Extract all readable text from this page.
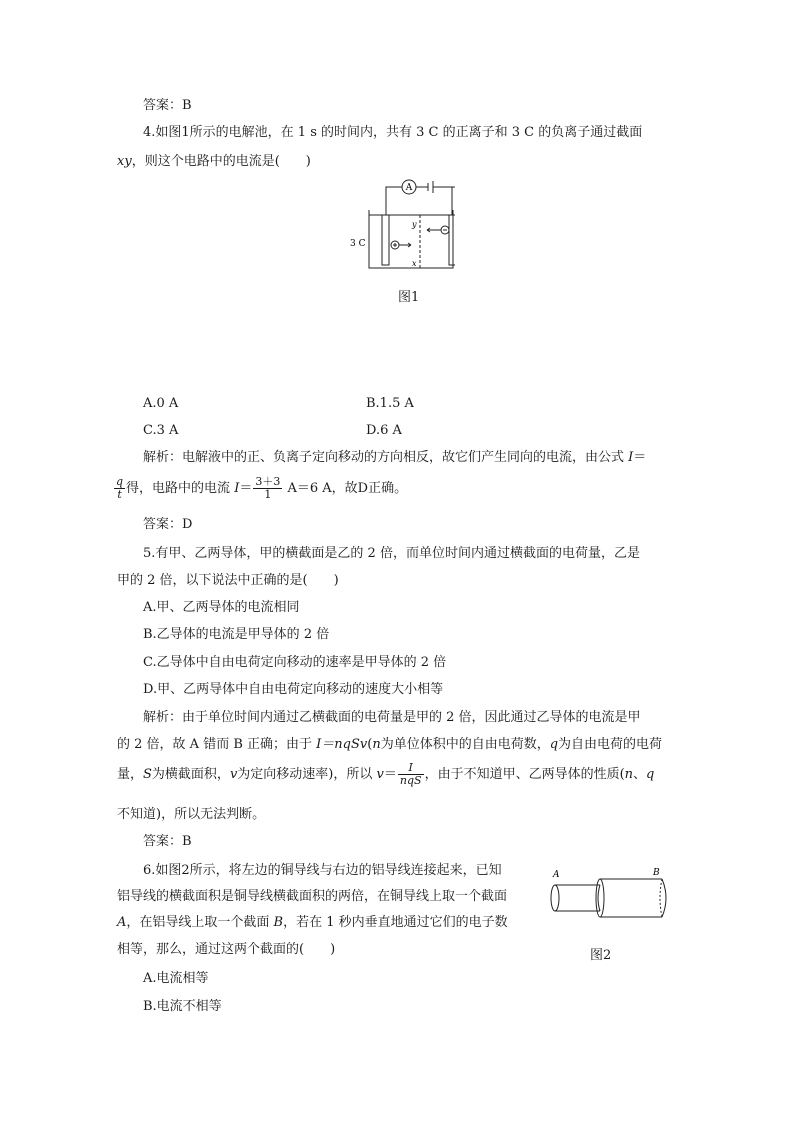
答案：B
4.如图1所示的电解池，在 1 s 的时间内，共有 3 C 的正离子和 3 C 的负离子通过截面
xy，则这个电路中的电流是(　　)
A
3 C
y
x
图1
A.0 A	B.1.5 A
C.3 A	D.6 A
解析：电解液中的正、负离子定向移动的方向相反，故它们产生同向的电流，由公式 I＝
$\frac{q}{t}$ 得，电路中的电流 $I= \frac{3+3}{1} A=6$ A，故D正确。
答案：D
5.有甲、乙两导体，甲的横截面是乙的 2 倍，而单位时间内通过横截面的电荷量，乙是
甲的 2 倍，以下说法中正确的是(　　)
A.甲、乙两导体的电流相同
B.乙导体的电流是甲导体的 2 倍
C.乙导体中自由电荷定向移动的速率是甲导体的 2 倍
D.甲、乙两导体中自由电荷定向移动的速度大小相等
解析：由于单位时间内通过乙横截面的电荷量是甲的 2 倍，因此通过乙导体的电流是甲
的 2 倍，故 A 错而 B 正确；由于 I＝nqSv(n为单位体积中的自由电荷数，q为自由电荷的电荷
量，S为横截面积，v为定向移动速率)，所以 $v= \frac{I}{\text{nqS}}$ ，由于不知道甲、乙两导体的性质(n、q
不知道)，所以无法判断。
答案：B
6.如图2所示，将左边的铜导线与右边的铝导线连接起来，已知
铝导线的横截面积是铜导线横截面积的两倍，在铜导线上取一个截面
A，在铝导线上取一个截面 B，若在 1 秒内垂直地通过它们的电子数
相等，那么，通过这两个截面的(　　)
A	B
图2
A.电流相等
B.电流不相等
